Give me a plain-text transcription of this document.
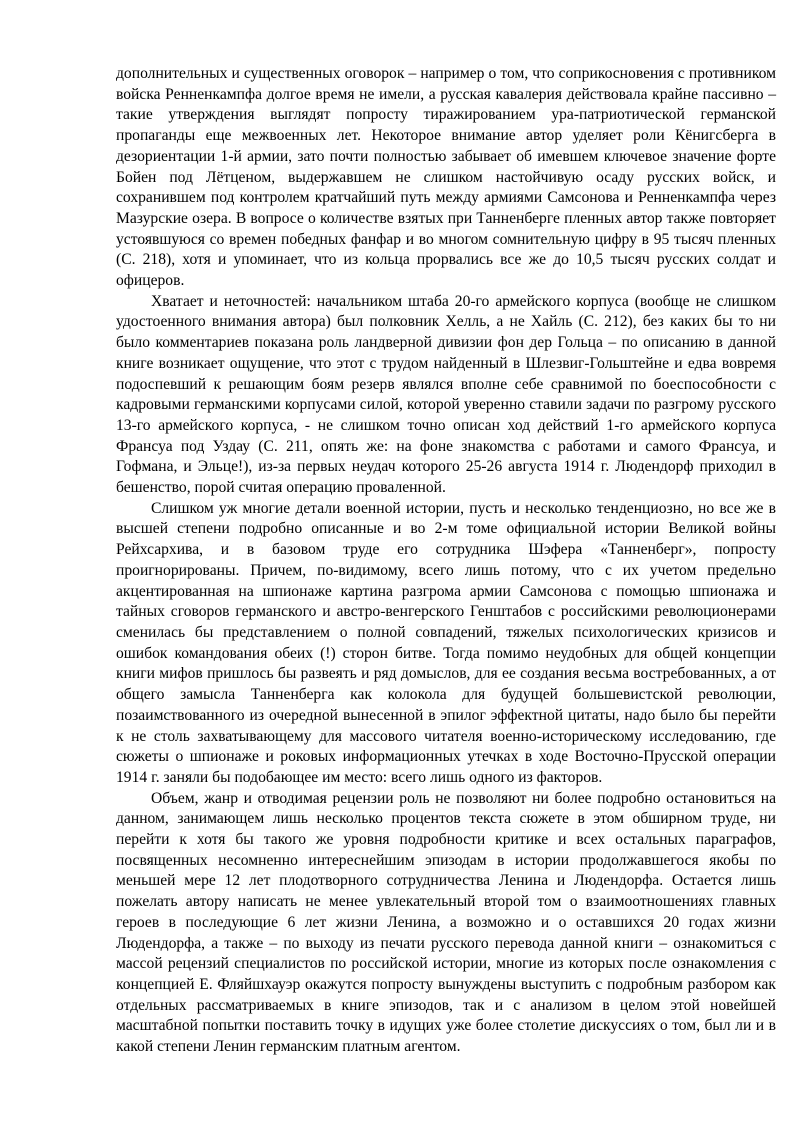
дополнительных и существенных оговорок – например о том, что соприкосновения с противником войска Ренненкампфа долгое время не имели, а русская кавалерия действовала крайне пассивно – такие утверждения выглядят попросту тиражированием ура-патриотической германской пропаганды еще межвоенных лет. Некоторое внимание автор уделяет роли Кёнигсберга в дезориентации 1-й армии, зато почти полностью забывает об имевшем ключевое значение форте Бойен под Лётценом, выдержавшем не слишком настойчивую осаду русских войск, и сохранившем под контролем кратчайший путь между армиями Самсонова и Ренненкампфа через Мазурские озера. В вопросе о количестве взятых при Танненберге пленных автор также повторяет устоявшуюся со времен победных фанфар и во многом сомнительную цифру в 95 тысяч пленных (С. 218), хотя и упоминает, что из кольца прорвались все же до 10,5 тысяч русских солдат и офицеров.

Хватает и неточностей: начальником штаба 20-го армейского корпуса (вообще не слишком удостоенного внимания автора) был полковник Хелль, а не Хайль (С. 212), без каких бы то ни было комментариев показана роль ландверной дивизии фон дер Гольца – по описанию в данной книге возникает ощущение, что этот с трудом найденный в Шлезвиг-Гольштейне и едва вовремя подоспевший к решающим боям резерв являлся вполне себе сравнимой по боеспособности с кадровыми германскими корпусами силой, которой уверенно ставили задачи по разгрому русского 13-го армейского корпуса, - не слишком точно описан ход действий 1-го армейского корпуса Франсуа под Уздау (С. 211, опять же: на фоне знакомства с работами и самого Франсуа, и Гофмана, и Эльце!), из-за первых неудач которого 25-26 августа 1914 г. Людендорф приходил в бешенство, порой считая операцию проваленной.

Слишком уж многие детали военной истории, пусть и несколько тенденциозно, но все же в высшей степени подробно описанные и во 2-м томе официальной истории Великой войны Рейхсархива, и в базовом труде его сотрудника Шэфера «Танненберг», попросту проигнорированы. Причем, по-видимому, всего лишь потому, что с их учетом предельно акцентированная на шпионаже картина разгрома армии Самсонова с помощью шпионажа и тайных сговоров германского и австро-венгерского Генштабов с российскими революционерами сменилась бы представлением о полной совпадений, тяжелых психологических кризисов и ошибок командования обеих (!) сторон битве. Тогда помимо неудобных для общей концепции книги мифов пришлось бы развеять и ряд домыслов, для ее создания весьма востребованных, а от общего замысла Танненберга как колокола для будущей большевистской революции, позаимствованного из очередной вынесенной в эпилог эффектной цитаты, надо было бы перейти к не столь захватывающему для массового читателя военно-историческому исследованию, где сюжеты о шпионаже и роковых информационных утечках в ходе Восточно-Прусской операции 1914 г. заняли бы подобающее им место: всего лишь одного из факторов.

Объем, жанр и отводимая рецензии роль не позволяют ни более подробно остановиться на данном, занимающем лишь несколько процентов текста сюжете в этом обширном труде, ни перейти к хотя бы такого же уровня подробности критике и всех остальных параграфов, посвященных несомненно интереснейшим эпизодам в истории продолжавшегося якобы по меньшей мере 12 лет плодотворного сотрудничества Ленина и Людендорфа. Остается лишь пожелать автору написать не менее увлекательный второй том о взаимоотношениях главных героев в последующие 6 лет жизни Ленина, а возможно и о оставшихся 20 годах жизни Людендорфа, а также – по выходу из печати русского перевода данной книги – ознакомиться с массой рецензий специалистов по российской истории, многие из которых после ознакомления с концепцией Е. Фляйшхауэр окажутся попросту вынуждены выступить с подробным разбором как отдельных рассматриваемых в книге эпизодов, так и с анализом в целом этой новейшей масштабной попытки поставить точку в идущих уже более столетие дискуссиях о том, был ли и в какой степени Ленин германским платным агентом.
